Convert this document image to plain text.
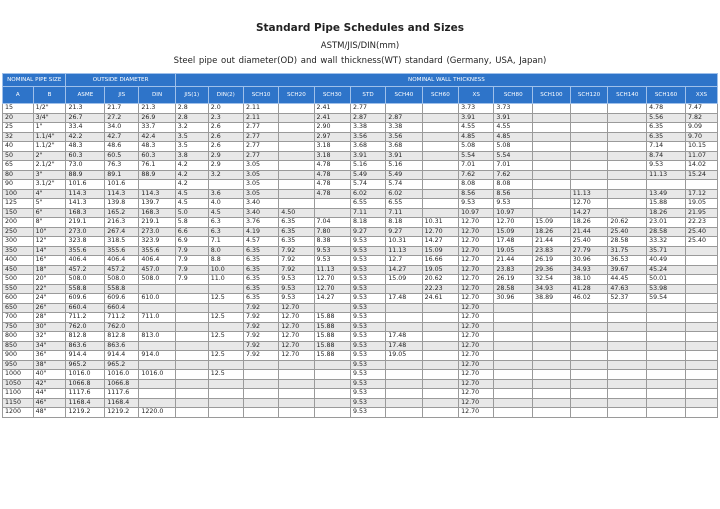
Standard Pipe Schedules and Sizes
ASTM/JIS/DIN(mm)
Steel pipe out diameter(OD) and wall thickness(WT) standard (Germany, USA, Japan)
NOMINAL PIPE SIZE		OUTSIDE DIAMETER			NOMINAL WALL THICKNESS														

A	B	ASME	JIS	DIN	JIS(1)	DIN(2)	SCH10	SCH20	SCH30	STD	SCH40	SCH60	XS	SCH80	SCH100	SCH120	SCH140	SCH160	XXS
15	1/2"	21.3	21.7	21.3	2.8	2.0	2.11		2.41	2.77			3.73	3.73				4.78	7.47
20	3/4"	26.7	27.2	26.9	2.8	2.3	2.11		2.41	2.87	2.87		3.91	3.91				5.56	7.82
25	1"	33.4	34.0	33.7	3.2	2.6	2.77		2.90	3.38	3.38		4.55	4.55				6.35	9.09
32	1.1/4"	42.2	42.7	42.4	3.5	2.6	2.77		2.97	3.56	3.56		4.85	4.85				6.35	9.70
40	1.1/2"	48.3	48.6	48.3	3.5	2.6	2.77		3.18	3.68	3.68		5.08	5.08				7.14	10.15
50	2"	60.3	60.5	60.3	3.8	2.9	2.77		3.18	3.91	3.91		5.54	5.54				8.74	11.07
65	2.1/2"	73.0	76.3	76.1	4.2	2.9	3.05		4.78	5.16	5.16		7.01	7.01				9.53	14.02
80	3"	88.9	89.1	88.9	4.2	3.2	3.05		4.78	5.49	5.49		7.62	7.62				11.13	15.24
90	3.1/2"	101.6	101.6		4.2		3.05		4.78	5.74	5.74		8.08	8.08					
100	4"	114.3	114.3	114.3	4.5	3.6	3.05		4.78	6.02	6.02		8.56	8.56		11.13		13.49	17.12
125	5"	141.3	139.8	139.7	4.5	4.0	3.40			6.55	6.55		9.53	9.53		12.70		15.88	19.05
150	6"	168.3	165.2	168.3	5.0	4.5	3.40	4.50		7.11	7.11		10.97	10.97		14.27		18.26	21.95
200	8"	219.1	216.3	219.1	5.8	6.3	3.76	6.35	7.04	8.18	8.18	10.31	12.70	12.70	15.09	18.26	20.62	23.01	22.23
250	10"	273.0	267.4	273.0	6.6	6.3	4.19	6.35	7.80	9.27	9.27	12.70	12.70	15.09	18.26	21.44	25.40	28.58	25.40
300	12"	323.8	318.5	323.9	6.9	7.1	4.57	6.35	8.38	9.53	10.31	14.27	12.70	17.48	21.44	25.40	28.58	33.32	25.40
350	14"	355.6	355.6	355.6	7.9	8.0	6.35	7.92	9.53	9.53	11.13	15.09	12.70	19.05	23.83	27.79	31.75	35.71	
400	16"	406.4	406.4	406.4	7.9	8.8	6.35	7.92	9.53	9.53	12.7	16.66	12.70	21.44	26.19	30.96	36.53	40.49	
450	18"	457.2	457.2	457.0	7.9	10.0	6.35	7.92	11.13	9.53	14.27	19.05	12.70	23.83	29.36	34.93	39.67	45.24	
500	20"	508.0	508.0	508.0	7.9	11.0	6.35	9.53	12.70	9.53	15.09	20.62	12.70	26.19	32.54	38.10	44.45	50.01	
550	22"	558.8	558.8				6.35	9.53	12.70	9.53		22.23	12.70	28.58	34.93	41.28	47.63	53.98	
600	24"	609.6	609.6	610.0		12.5	6.35	9.53	14.27	9.53	17.48	24.61	12.70	30.96	38.89	46.02	52.37	59.54	
650	26"	660.4	660.4				7.92	12.70		9.53			12.70						
700	28"	711.2	711.2	711.0		12.5	7.92	12.70	15.88	9.53			12.70						
750	30"	762.0	762.0				7.92	12.70	15.88	9.53			12.70						
800	32"	812.8	812.8	813.0		12.5	7.92	12.70	15.88	9.53	17.48		12.70						
850	34"	863.6	863.6				7.92	12.70	15.88	9.53	17.48		12.70						
900	36"	914.4	914.4	914.0		12.5	7.92	12.70	15.88	9.53	19.05		12.70						
950	38"	965.2	965.2							9.53			12.70						
1000	40"	1016.0	1016.0	1016.0		12.5				9.53			12.70						
1050	42"	1066.8	1066.8							9.53			12.70						
1100	44"	1117.6	1117.6							9.53			12.70						
1150	46"	1168.4	1168.4							9.53			12.70						
1200	48"	1219.2	1219.2	1220.0						9.53			12.70						
